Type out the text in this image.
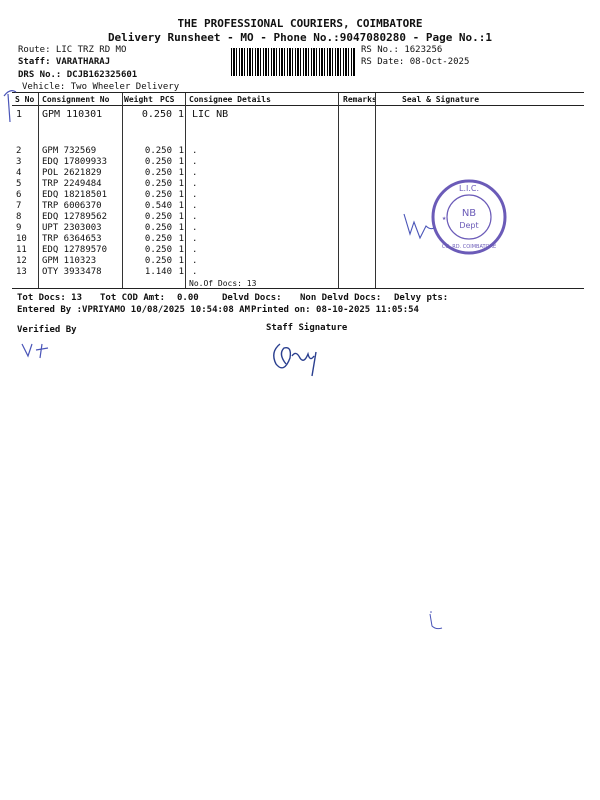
THE PROFESSIONAL COURIERS, COIMBATORE
Delivery Runsheet - MO - Phone No.:9047080280 - Page No.:1
Route: LIC TRZ RD MO
Staff: VARATHARAJ
DRS No.: DCJB162325601
Vehicle: Two Wheeler Delivery
RS No.: 1623256
RS Date: 08-Oct-2025
S No Consignment No Weight PCS Consignee Details	Remarks	Seal & Signature
1	GPM 110301	0.250	1	LIC NB
2	GPM 732569	0.250	1	.
3	EDQ 17809933	0.250	1	.
4	POL 2621829	0.250	1	.
5	TRP 2249484	0.250	1	.
6	EDQ 18218501	0.250	1	.
7	TRP 6006370	0.540	1	.
8	EDQ 12789562	0.250	1	.
9	UPT 2303003	0.250	1	.
10	TRP 6364653	0.250	1	.
11	EDQ 12789570	0.250	1	.
12	GPM 110323	0.250	1	.
13	OTY 3933478	1.140	1	.
No.Of Docs: 13
Tot Docs: 13 Tot COD Amt: 0.00	Delvd Docs: Non Delvd Docs: Delvy pts:
Entered By :VPRIYAMO 10/08/2025 10:54:08 AM Printed on: 08-10-2025 11:05:54
Verified By	Staff Signature
L.I.C.
NB
Dept
CO. RD. COIMBATORE
★
